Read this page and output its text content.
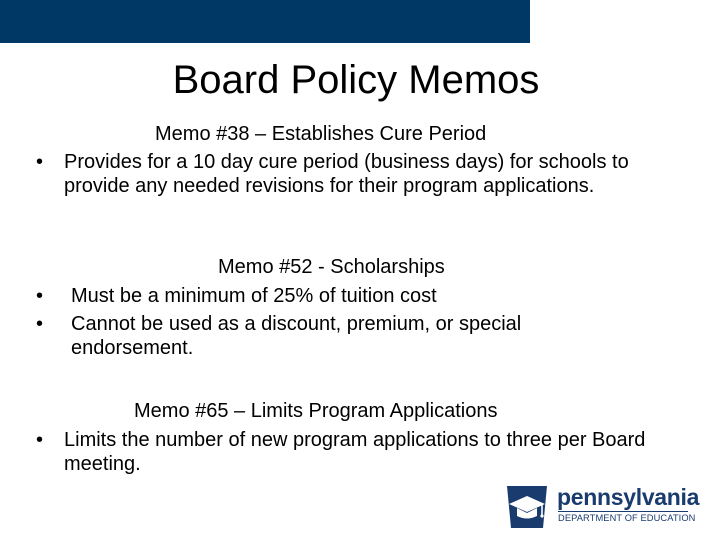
Board Policy Memos
Memo #38 – Establishes Cure Period
• Provides for a 10 day cure period (business days) for schools to provide any needed revisions for their program applications.
Memo #52 - Scholarships
• Must be a minimum of 25% of tuition cost
• Cannot be used as a discount, premium, or special endorsement.
Memo #65 – Limits Program Applications
• Limits the number of new program applications to three per Board meeting.
pennsylvania
DEPARTMENT OF EDUCATION
